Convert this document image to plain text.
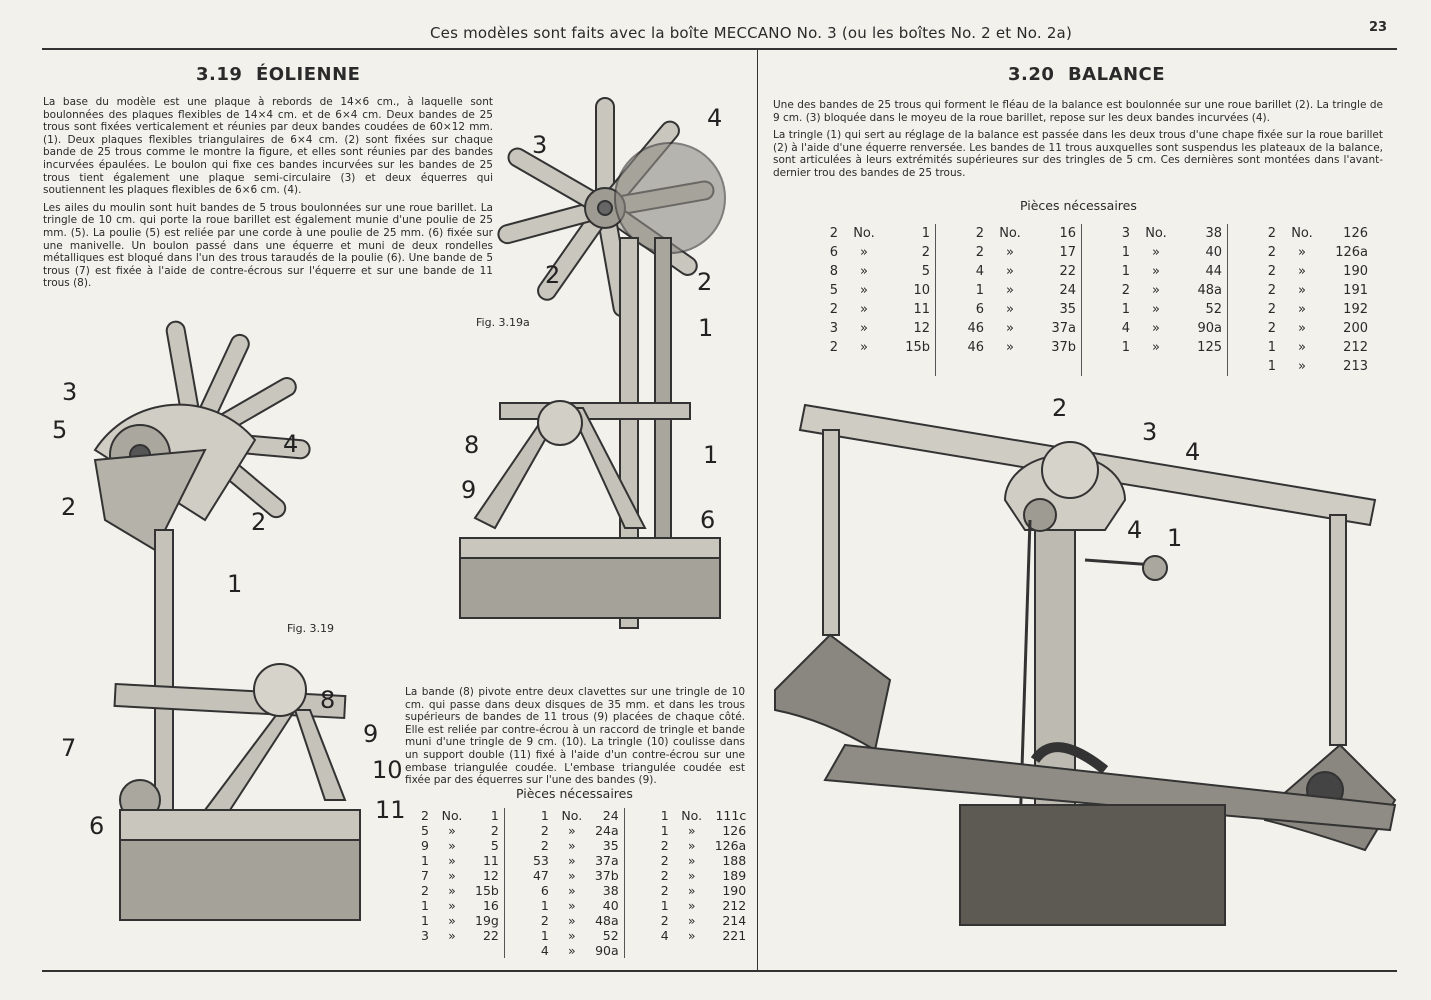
Ces modèles sont faits avec la boîte MECCANO No. 3 (ou les boîtes No. 2 et No. 2a)	23
3.19  ÉOLIENNE

La base du modèle est une plaque à rebords de 14×6 cm., à laquelle sont boulonnées des plaques flexibles de 14×4 cm. et de 6×4 cm. Deux bandes de 25 trous sont fixées verticalement et réunies par deux bandes coudées de 60×12 mm. (1). Deux plaques flexibles triangulaires de 6×4 cm. (2) sont fixées sur chaque bande de 25 trous comme le montre la figure, et elles sont réunies par des bandes incurvées épaulées. Le boulon qui fixe ces bandes incurvées sur les bandes de 25 trous tient également une plaque semi-circulaire (3) et deux équerres qui soutiennent les plaques flexibles de 6×6 cm. (4).

Les ailes du moulin sont huit bandes de 5 trous boulonnées sur une roue barillet. La tringle de 10 cm. qui porte la roue barillet est également munie d'une poulie de 25 mm. (5). La poulie (5) est reliée par une corde à une poulie de 25 mm. (6) fixée sur une manivelle. Un boulon passé dans une équerre et muni de deux rondelles métalliques est bloqué dans l'un des trous taraudés de la poulie (6). Une bande de 5 trous (7) est fixée à l'aide de contre-écrous sur l'équerre et sur une bande de 11 trous (8).

3
4
2	2
1
1
8
9
6
Fig. 3.19a
3
5	4
2
2
1
8
7	9
10
11
6
Fig. 3.19
La bande (8) pivote entre deux clavettes sur une tringle de 10 cm. qui passe dans deux disques de 35 mm. et dans les trous supérieurs de bandes de 11 trous (9) placées de chaque côté. Elle est reliée par contre-écrou à un raccord de tringle et bande muni d'une tringle de 9 cm. (10). La tringle (10) coulisse dans un support double (11) fixé à l'aide d'un contre-écrou sur une embase triangulée coudée. L'embase triangulée coudée est fixée par des équerres sur l'une des bandes (9).
Pièces nécessaires
2	No.	1			1	No.	24			1	No.	111c
5	»	2			2	»	24a			1	»	126
9	»	5			2	»	35			2	»	126a
1	»	11			53	»	37a			2	»	188
7	»	12			47	»	37b			2	»	189
2	»	15b			6	»	38			2	»	190
1	»	16			1	»	40			1	»	212
1	»	19g			2	»	48a			2	»	214
3	»	22			1	»	52			4	»	221
					4	»	90a					
3.20  BALANCE

Une des bandes de 25 trous qui forment le fléau de la balance est boulonnée sur une roue barillet (2). La tringle de 9 cm. (3) bloquée dans le moyeu de la roue barillet, repose sur les deux bandes incurvées (4).

La tringle (1) qui sert au réglage de la balance est passée dans les deux trous d'une chape fixée sur la roue barillet (2) à l'aide d'une équerre renversée. Les bandes de 11 trous auxquelles sont suspendus les plateaux de la balance, sont articulées à leurs extrémités supérieures sur des tringles de 5 cm. Ces dernières sont montées dans l'avant-dernier trou des bandes de 25 trous.

Pièces nécessaires
2	No.	1			2	No.	16			3	No.	38			2	No.	126
6	»	2			2	»	17			1	»	40			2	»	126a
8	»	5			4	»	22			1	»	44			2	»	190
5	»	10			1	»	24			2	»	48a			2	»	191
2	»	11			6	»	35			1	»	52			2	»	192
3	»	12			46	»	37a			4	»	90a			2	»	200
2	»	15b			46	»	37b			1	»	125			1	»	212
															1	»	213
2
3
4
4 1
